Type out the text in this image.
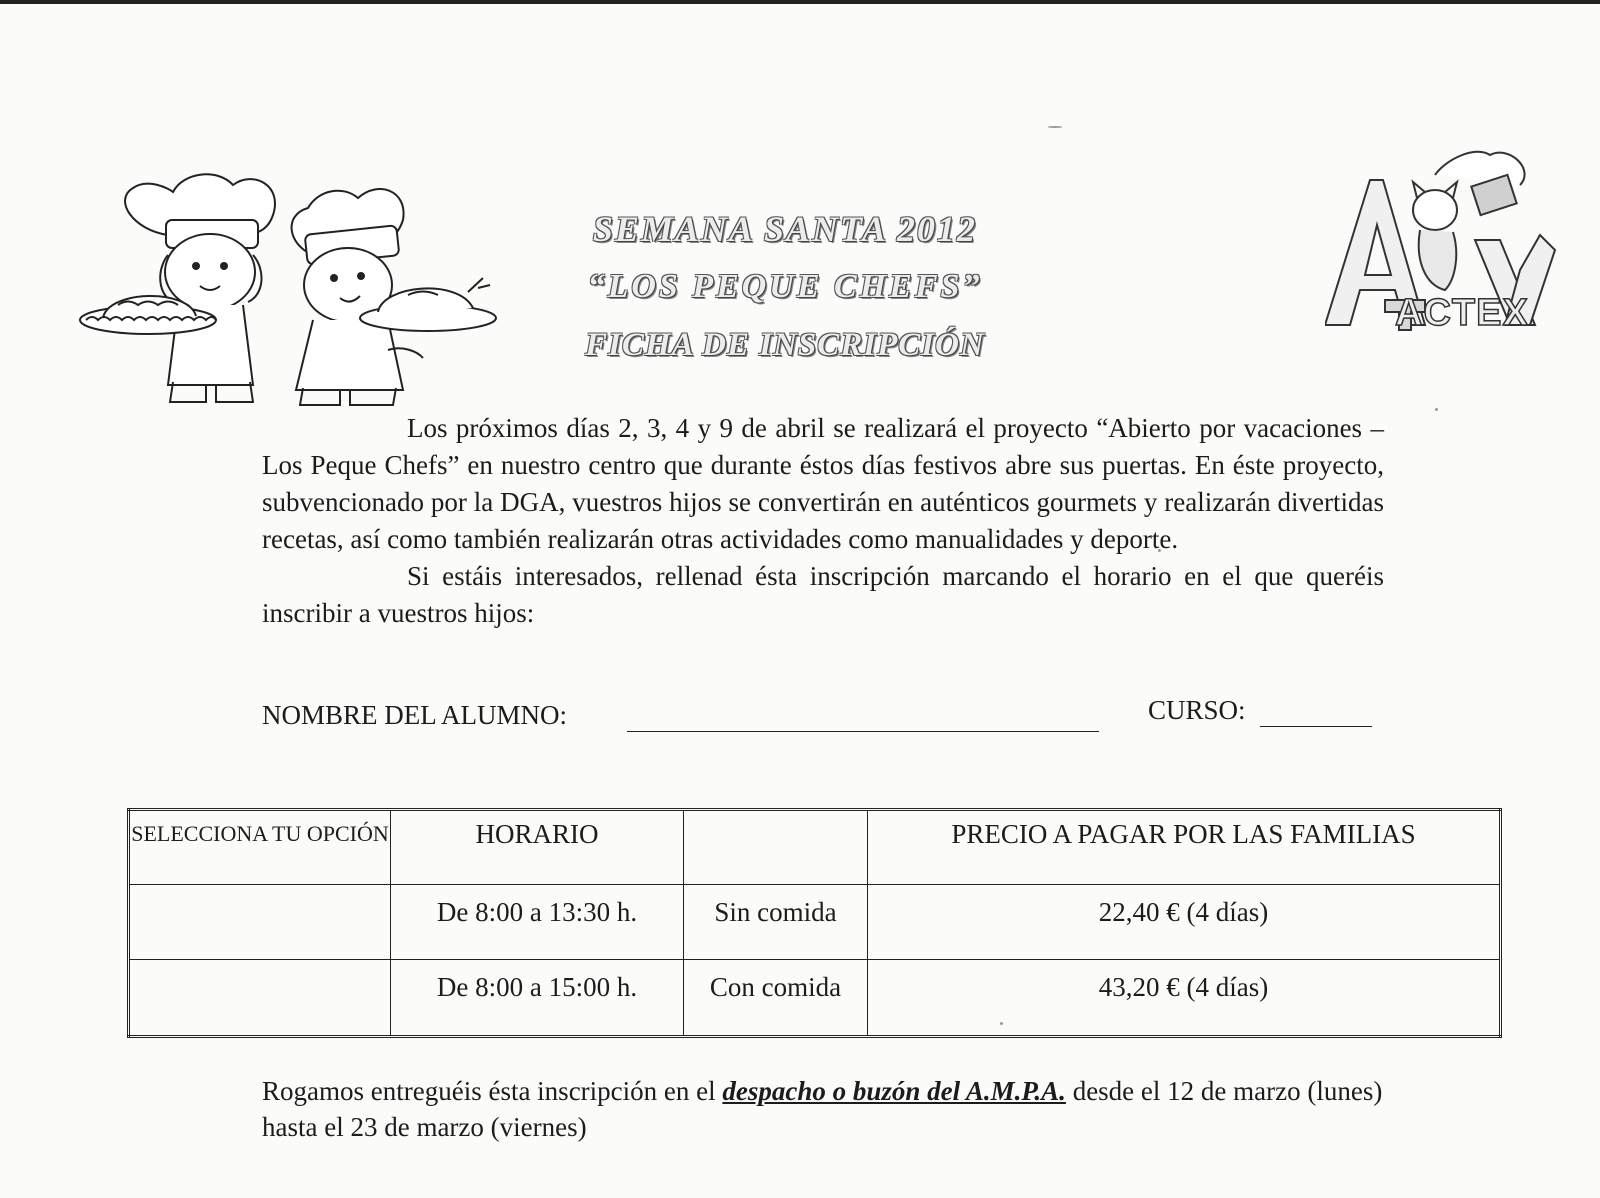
ACTEX
SEMANA SANTA 2012
“LOS PEQUE CHEFS”
FICHA DE INSCRIPCIÓN

Los próximos días 2, 3, 4 y 9 de abril se realizará el proyecto “Abierto por vacaciones – Los Peque Chefs” en nuestro centro que durante éstos días festivos abre sus puertas. En éste proyecto, subvencionado por la DGA, vuestros hijos se convertirán en auténticos gourmets y realizarán divertidas recetas, así como también realizarán otras actividades como manualidades y deporte.

Si estáis interesados, rellenad ésta inscripción marcando el horario en el que queréis inscribir a vuestros hijos:

NOMBRE DEL ALUMNO:	CURSO:
SELECCIONA TU OPCIÓN	HORARIO		PRECIO A PAGAR POR LAS FAMILIAS
	De 8:00 a 13:30 h.	Sin comida	22,40 € (4 días)
	De 8:00 a 15:00 h.	Con comida	43,20 € (4 días)
Rogamos entreguéis ésta inscripción en el despacho o buzón del A.M.P.A. desde el 12 de marzo (lunes) hasta el 23 de marzo (viernes)
